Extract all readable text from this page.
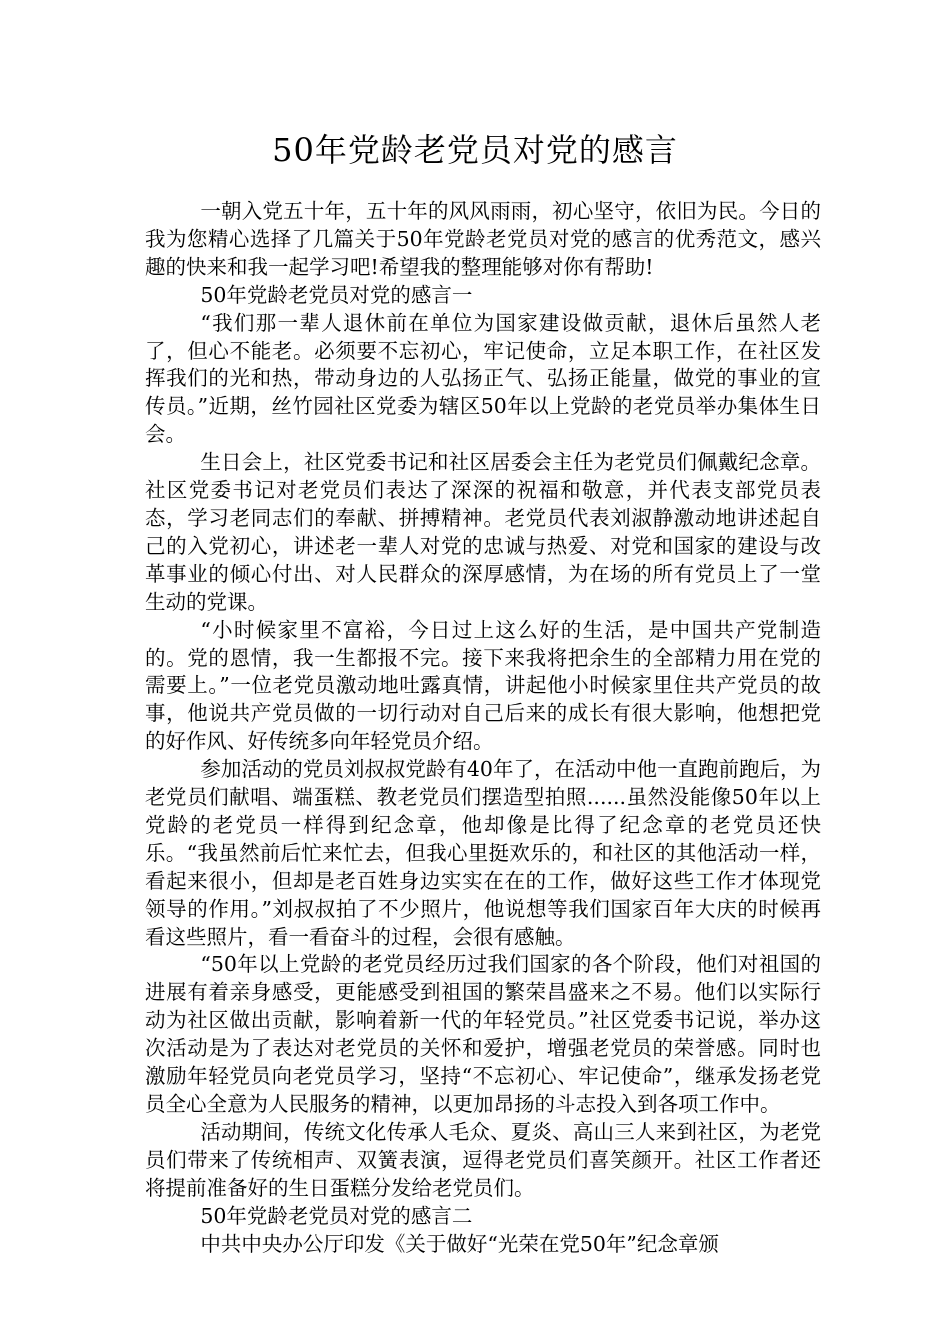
50年党龄老党员对党的感言

一朝入党五十年，五十年的风风雨雨，初心坚守，依旧为民。今日的我为您精心选择了几篇关于50年党龄老党员对党的感言的优秀范文，感兴趣的快来和我一起学习吧!希望我的整理能够对你有帮助!

50年党龄老党员对党的感言一

“我们那一辈人退休前在单位为国家建设做贡献，退休后虽然人老了，但心不能老。必须要不忘初心，牢记使命，立足本职工作，在社区发挥我们的光和热，带动身边的人弘扬正气、弘扬正能量，做党的事业的宣传员。”近期，丝竹园社区党委为辖区50年以上党龄的老党员举办集体生日会。

生日会上，社区党委书记和社区居委会主任为老党员们佩戴纪念章。社区党委书记对老党员们表达了深深的祝福和敬意，并代表支部党员表态，学习老同志们的奉献、拼搏精神。老党员代表刘淑静激动地讲述起自己的入党初心，讲述老一辈人对党的忠诚与热爱、对党和国家的建设与改革事业的倾心付出、对人民群众的深厚感情，为在场的所有党员上了一堂生动的党课。

“小时候家里不富裕，今日过上这么好的生活，是中国共产党制造的。党的恩情，我一生都报不完。接下来我将把余生的全部精力用在党的需要上。”一位老党员激动地吐露真情，讲起他小时候家里住共产党员的故事，他说共产党员做的一切行动对自己后来的成长有很大影响，他想把党的好作风、好传统多向年轻党员介绍。

参加活动的党员刘叔叔党龄有40年了，在活动中他一直跑前跑后，为老党员们献唱、端蛋糕、教老党员们摆造型拍照......虽然没能像50年以上党龄的老党员一样得到纪念章，他却像是比得了纪念章的老党员还快乐。“我虽然前后忙来忙去，但我心里挺欢乐的，和社区的其他活动一样，看起来很小，但却是老百姓身边实实在在的工作，做好这些工作才体现党领导的作用。”刘叔叔拍了不少照片，他说想等我们国家百年大庆的时候再看这些照片，看一看奋斗的过程，会很有感触。

“50年以上党龄的老党员经历过我们国家的各个阶段，他们对祖国的进展有着亲身感受，更能感受到祖国的繁荣昌盛来之不易。他们以实际行动为社区做出贡献，影响着新一代的年轻党员。”社区党委书记说，举办这次活动是为了表达对老党员的关怀和爱护，增强老党员的荣誉感。同时也激励年轻党员向老党员学习，坚持“不忘初心、牢记使命”，继承发扬老党员全心全意为人民服务的精神，以更加昂扬的斗志投入到各项工作中。

活动期间，传统文化传承人毛众、夏炎、高山三人来到社区，为老党员们带来了传统相声、双簧表演，逗得老党员们喜笑颜开。社区工作者还将提前准备好的生日蛋糕分发给老党员们。

50年党龄老党员对党的感言二

中共中央办公厅印发《关于做好“光荣在党50年”纪念章颁
